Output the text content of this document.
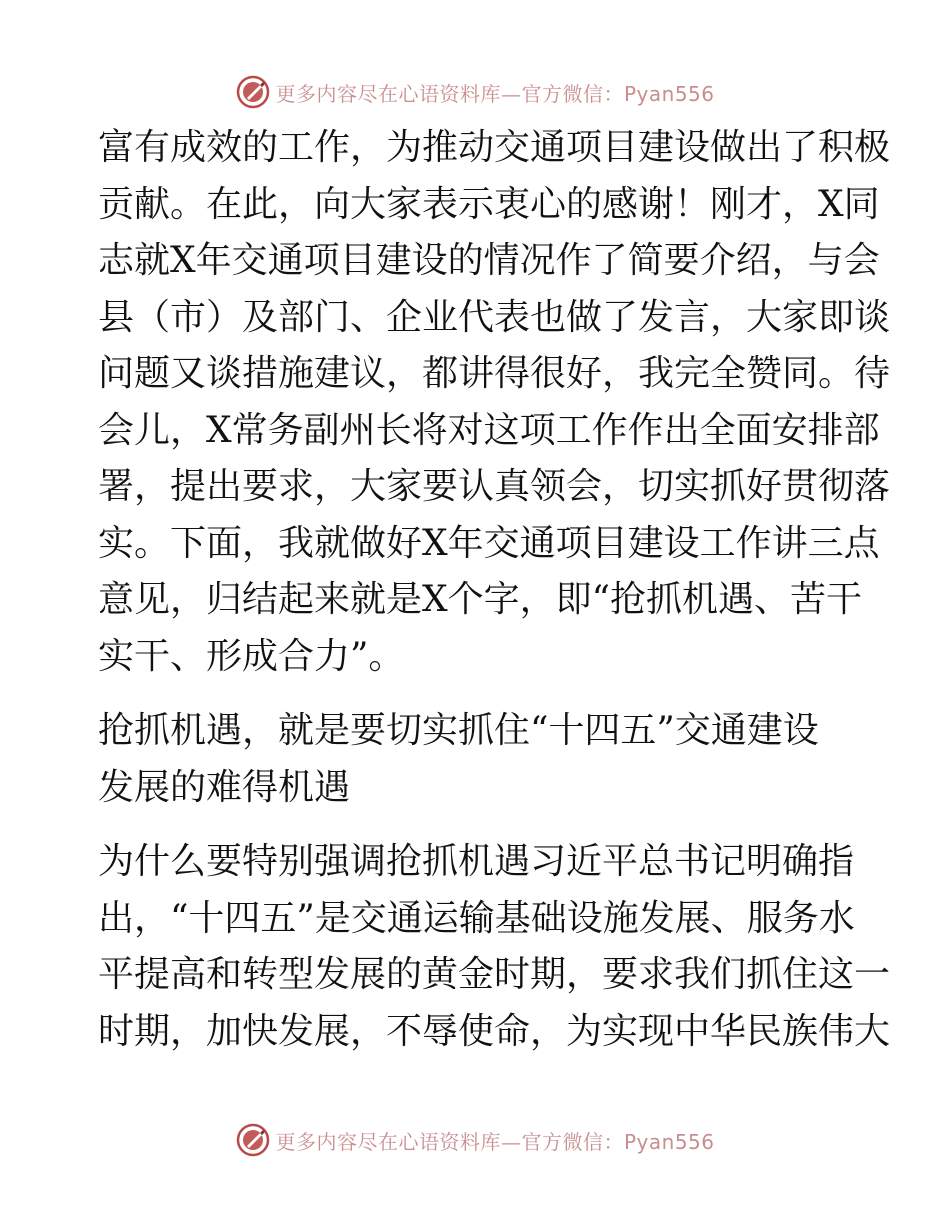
更多内容尽在心语资料库—官方微信：Pyan556

富有成效的工作，为推动交通项目建设做出了积极
贡献。在此，向大家表示衷心的感谢！刚才，X同
志就X年交通项目建设的情况作了简要介绍，与会
县（市）及部门、企业代表也做了发言，大家即谈
问题又谈措施建议，都讲得很好，我完全赞同。待
会儿，X常务副州长将对这项工作作出全面安排部
署，提出要求，大家要认真领会，切实抓好贯彻落
实。下面，我就做好X年交通项目建设工作讲三点
意见，归结起来就是X个字，即“抢抓机遇、苦干
实干、形成合力”。

抢抓机遇，就是要切实抓住“十四五”交通建设
发展的难得机遇

为什么要特别强调抢抓机遇习近平总书记明确指
出，“十四五”是交通运输基础设施发展、服务水
平提高和转型发展的黄金时期，要求我们抓住这一
时期，加快发展，不辱使命，为实现中华民族伟大

更多内容尽在心语资料库—官方微信：Pyan556
